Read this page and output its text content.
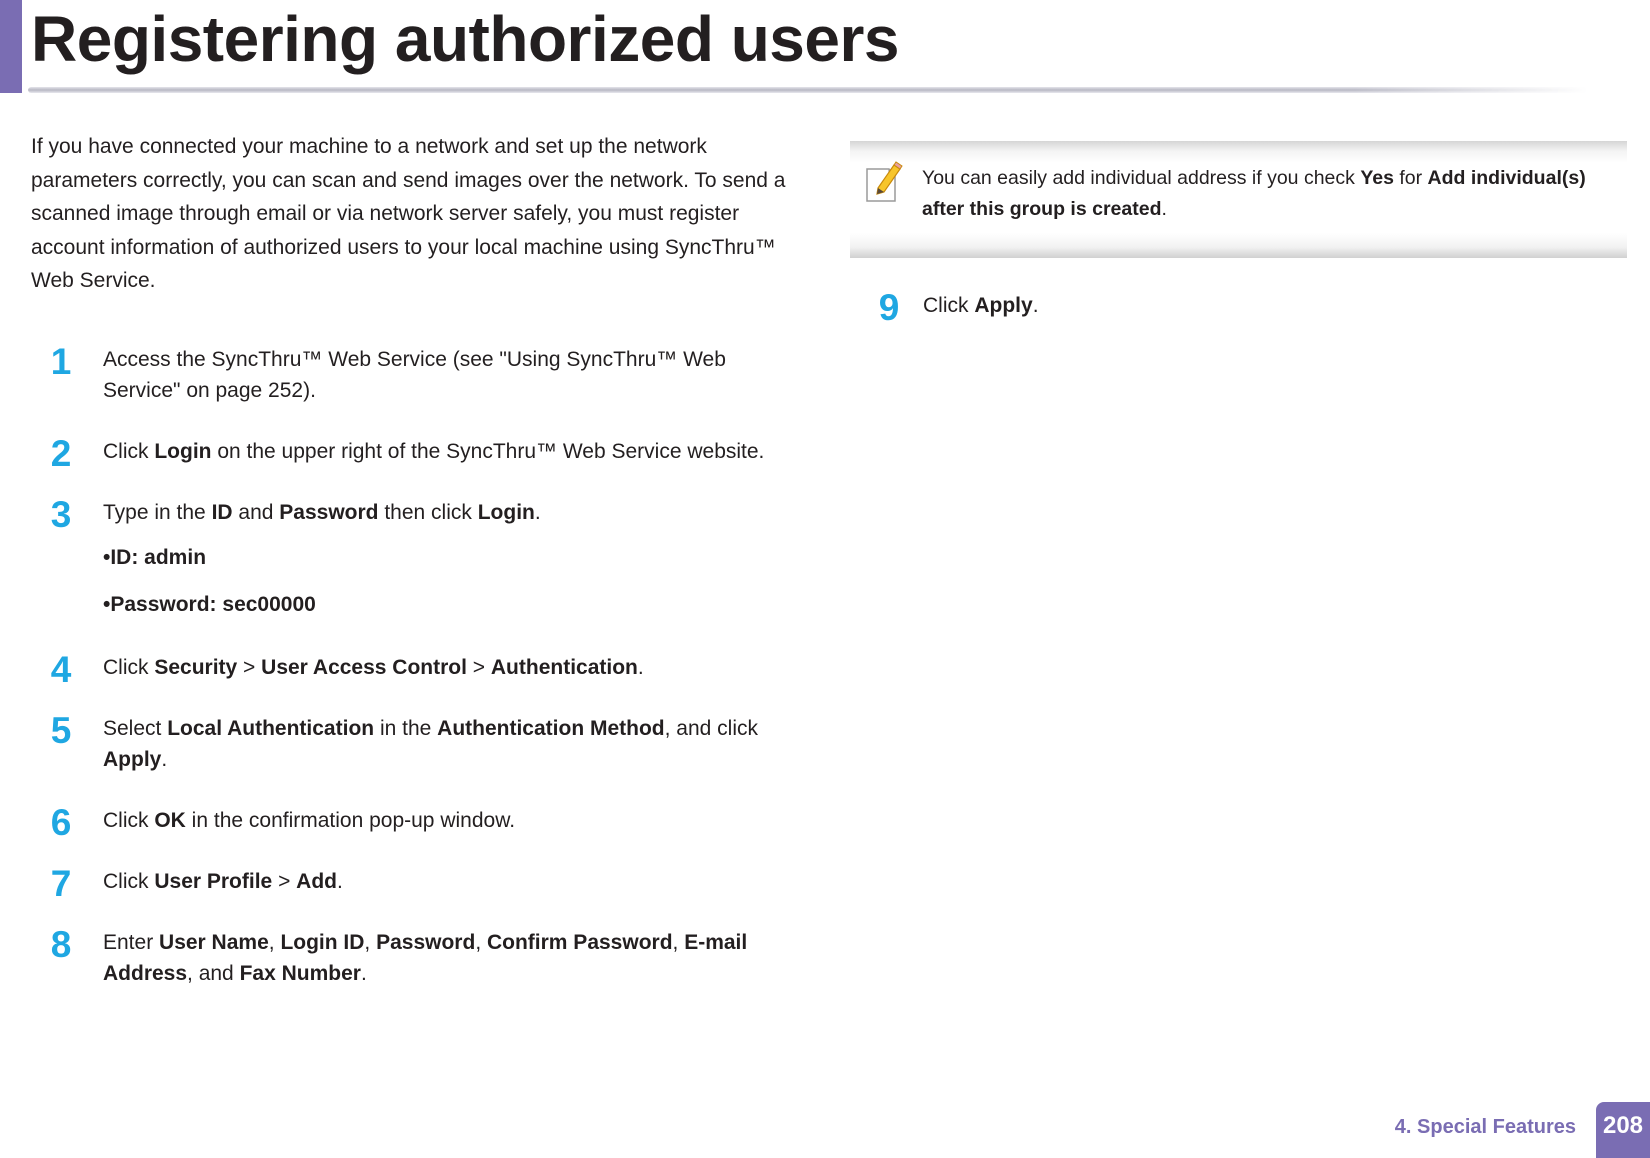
Registering authorized users

If you have connected your machine to a network and set up the network parameters correctly, you can scan and send images over the network. To send a scanned image through email or via network server safely, you must register account information of authorized users to your local machine using SyncThru™ Web Service.

1 Access the SyncThru™ Web Service (see "Using SyncThru™ Web Service" on page 252).
2 Click Login on the upper right of the SyncThru™ Web Service website.
3 Type in the ID and Password then click Login.
•ID: admin
•Password: sec00000
4 Click Security > User Access Control > Authentication.
5 Select Local Authentication in the Authentication Method, and click Apply.
6 Click OK in the confirmation pop-up window.
7 Click User Profile > Add.
8 Enter User Name, Login ID, Password, Confirm Password, E-mail Address, and Fax Number.
You can easily add individual address if you check Yes for Add individual(s) after this group is created.
9 Click Apply.
4. Special Features 208
